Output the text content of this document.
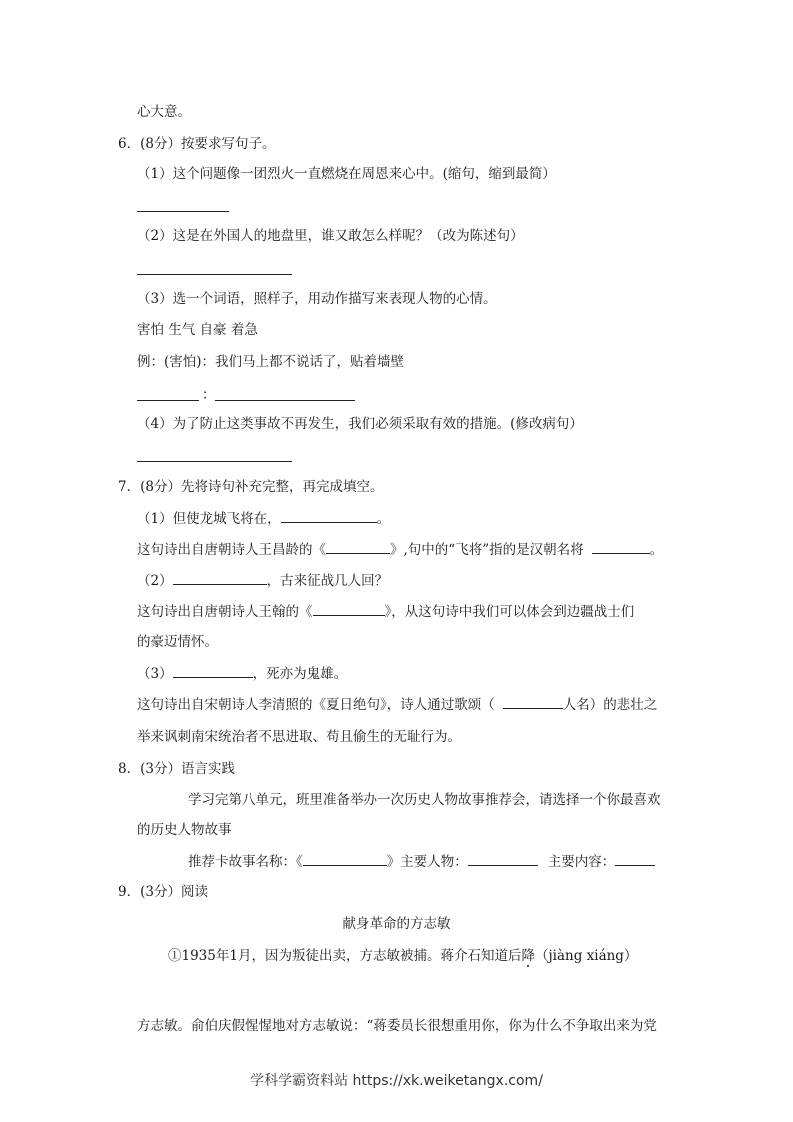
心大意。
6．(8分）按要求写句子。
（1）这个问题像一团烈火一直燃烧在周恩来心中。(缩句，缩到最简）
（2）这是在外国人的地盘里，谁又敢怎么样呢？（改为陈述句）
（3）选一个词语，照样子，用动作描写来表现人物的心情。
害怕 生气 自豪 着急
例：(害怕)：我们马上都不说话了，贴着墙壁
：
（4）为了防止这类事故不再发生，我们必须采取有效的措施。(修改病句）
7．(8分）先将诗句补充完整，再完成填空。
（1）但使龙城飞将在，	。
这句诗出自唐朝诗人王昌龄的《	》,句中的“飞将”指的是汉朝名将	。
（2）	，古来征战几人回？
这句诗出自唐朝诗人王翰的《	》，从这句诗中我们可以体会到边疆战士们
的豪迈情怀。
（3）	，死亦为鬼雄。
这句诗出自宋朝诗人李清照的《夏日绝句》，诗人通过歌颂（	人名）的悲壮之
举来讽刺南宋统治者不思进取、苟且偷生的无耻行为。
8．(3分）语言实践
学习完第八单元，班里准备举办一次历史人物故事推荐会，请选择一个你最喜欢
的历史人物故事
推荐卡故事名称：《	》主要人物：	主要内容：
9．(3分）阅读
献身革命的方志敏
①1935年1月，因为叛徒出卖，方志敏被捕。蒋介石知道后降（jiàng xiáng）
方志敏。俞伯庆假惺惺地对方志敏说：“蒋委员长很想重用你，你为什么不争取出来为党
学科学霸资料站 https://xk.weiketangx.com/
